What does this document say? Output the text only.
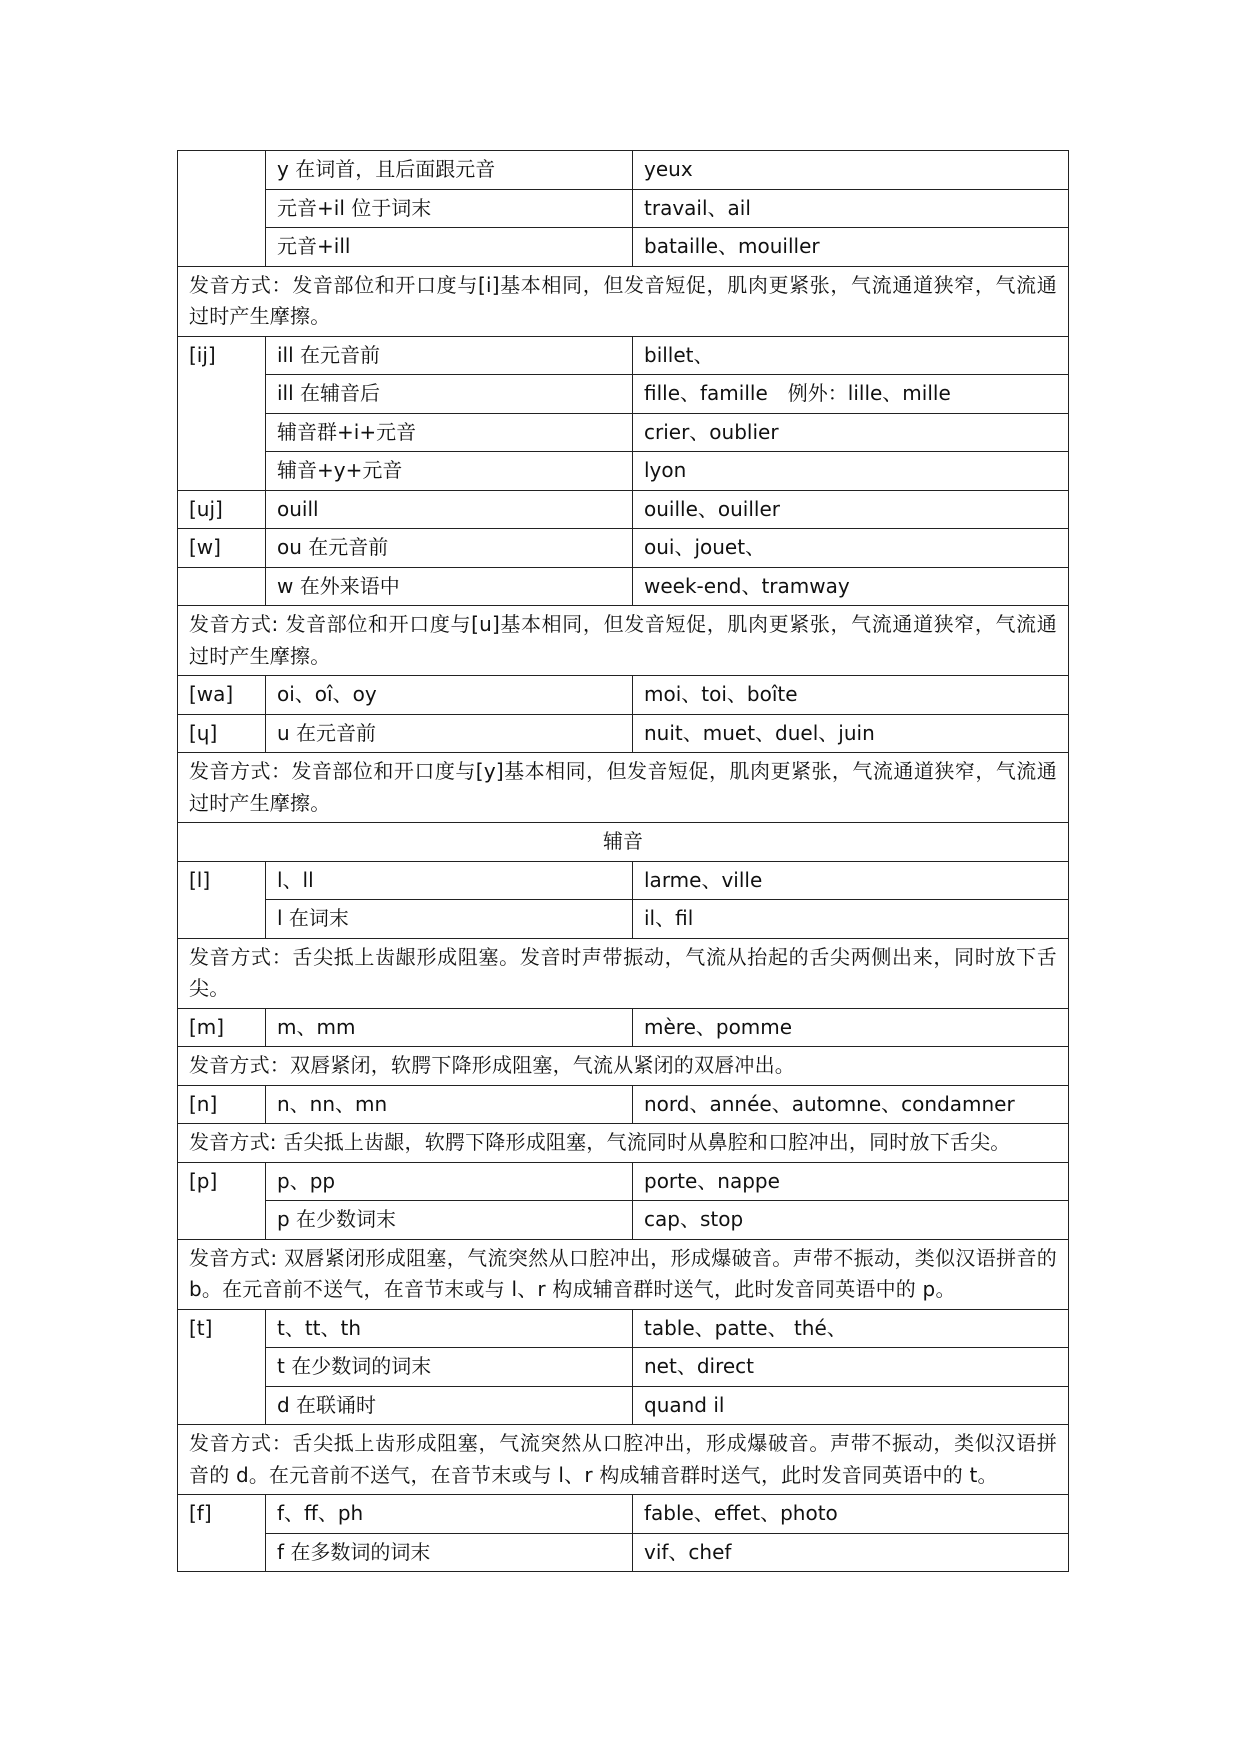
	y 在词首，且后面跟元音	yeux
	元音+il 位于词末	travail、ail
	元音+ill	bataille、mouiller
发音方式：发音部位和开口度与[i]基本相同，但发音短促，肌肉更紧张，气流通道狭窄，气流通过时产生摩擦。		
[ij]	ill 在元音前	billet、
	ill 在辅音后	fille、famille　例外：lille、mille
	辅音群+i+元音	crier、oublier
	辅音+y+元音	lyon
[uj]	ouill	ouille、ouiller
[w]	ou 在元音前	oui、jouet、
	w 在外来语中	week-end、tramway
发音方式: 发音部位和开口度与[u]基本相同，但发音短促，肌肉更紧张，气流通道狭窄，气流通过时产生摩擦。		
[wa]	oi、oî、oy	moi、toi、boîte
[ɥ]	u 在元音前	nuit、muet、duel、juin
发音方式：发音部位和开口度与[y]基本相同，但发音短促，肌肉更紧张，气流通道狭窄，气流通过时产生摩擦。		
辅音		
[l]	l、ll	larme、ville
	l 在词末	il、fil
发音方式：舌尖抵上齿龈形成阻塞。发音时声带振动，气流从抬起的舌尖两侧出来，同时放下舌尖。		
[m]	m、mm	mère、pomme
发音方式：双唇紧闭，软腭下降形成阻塞，气流从紧闭的双唇冲出。		
[n]	n、nn、mn	nord、année、automne、condamner
发音方式: 舌尖抵上齿龈，软腭下降形成阻塞，气流同时从鼻腔和口腔冲出，同时放下舌尖。		
[p]	p、pp	porte、nappe
	p 在少数词末	cap、stop
发音方式: 双唇紧闭形成阻塞，气流突然从口腔冲出，形成爆破音。声带不振动，类似汉语拼音的 b。在元音前不送气，在音节末或与 l、r 构成辅音群时送气，此时发音同英语中的 p。		
[t]	t、tt、th	table、patte、 thé、
	t 在少数词的词末	net、direct
	d 在联诵时	quand il
发音方式：舌尖抵上齿形成阻塞，气流突然从口腔冲出，形成爆破音。声带不振动，类似汉语拼音的 d。在元音前不送气，在音节末或与 l、r 构成辅音群时送气，此时发音同英语中的 t。		
[f]	f、ff、ph	fable、effet、photo
	f 在多数词的词末	vif、chef
